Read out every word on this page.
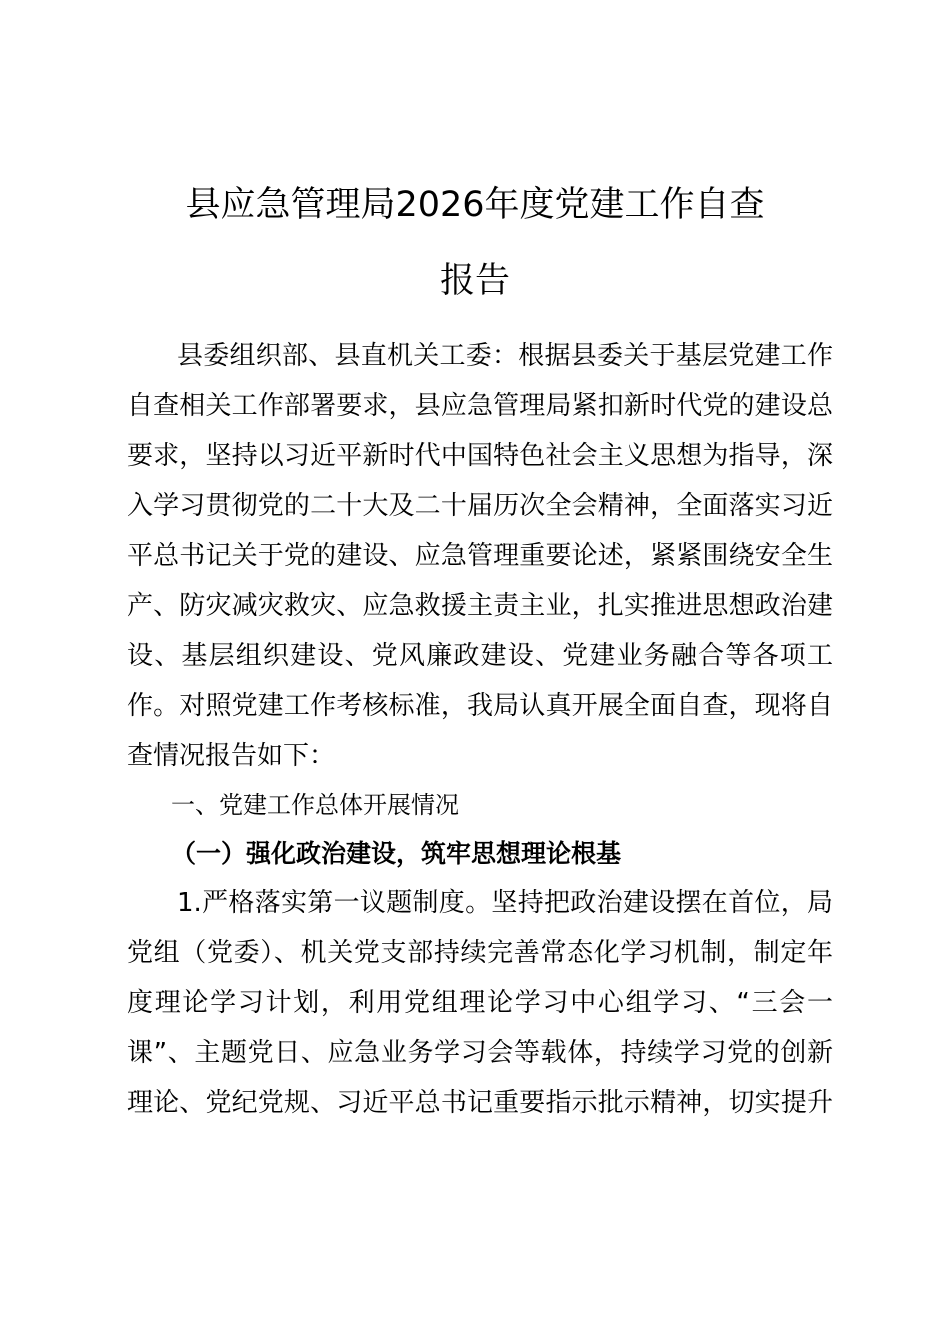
县应急管理局2026年度党建工作自查
报告
县委组织部、县直机关工委：根据县委关于基层党建工作
自查相关工作部署要求，县应急管理局紧扣新时代党的建设总
要求，坚持以习近平新时代中国特色社会主义思想为指导，深
入学习贯彻党的二十大及二十届历次全会精神，全面落实习近
平总书记关于党的建设、应急管理重要论述，紧紧围绕安全生
产、防灾减灾救灾、应急救援主责主业，扎实推进思想政治建
设、基层组织建设、党风廉政建设、党建业务融合等各项工
作。对照党建工作考核标准，我局认真开展全面自查，现将自
查情况报告如下：
一、党建工作总体开展情况
（一）强化政治建设，筑牢思想理论根基
1.严格落实第一议题制度。坚持把政治建设摆在首位，局
党组（党委）、机关党支部持续完善常态化学习机制，制定年
度理论学习计划，利用党组理论学习中心组学习、“三会一
课”、主题党日、应急业务学习会等载体，持续学习党的创新
理论、党纪党规、习近平总书记重要指示批示精神，切实提升
